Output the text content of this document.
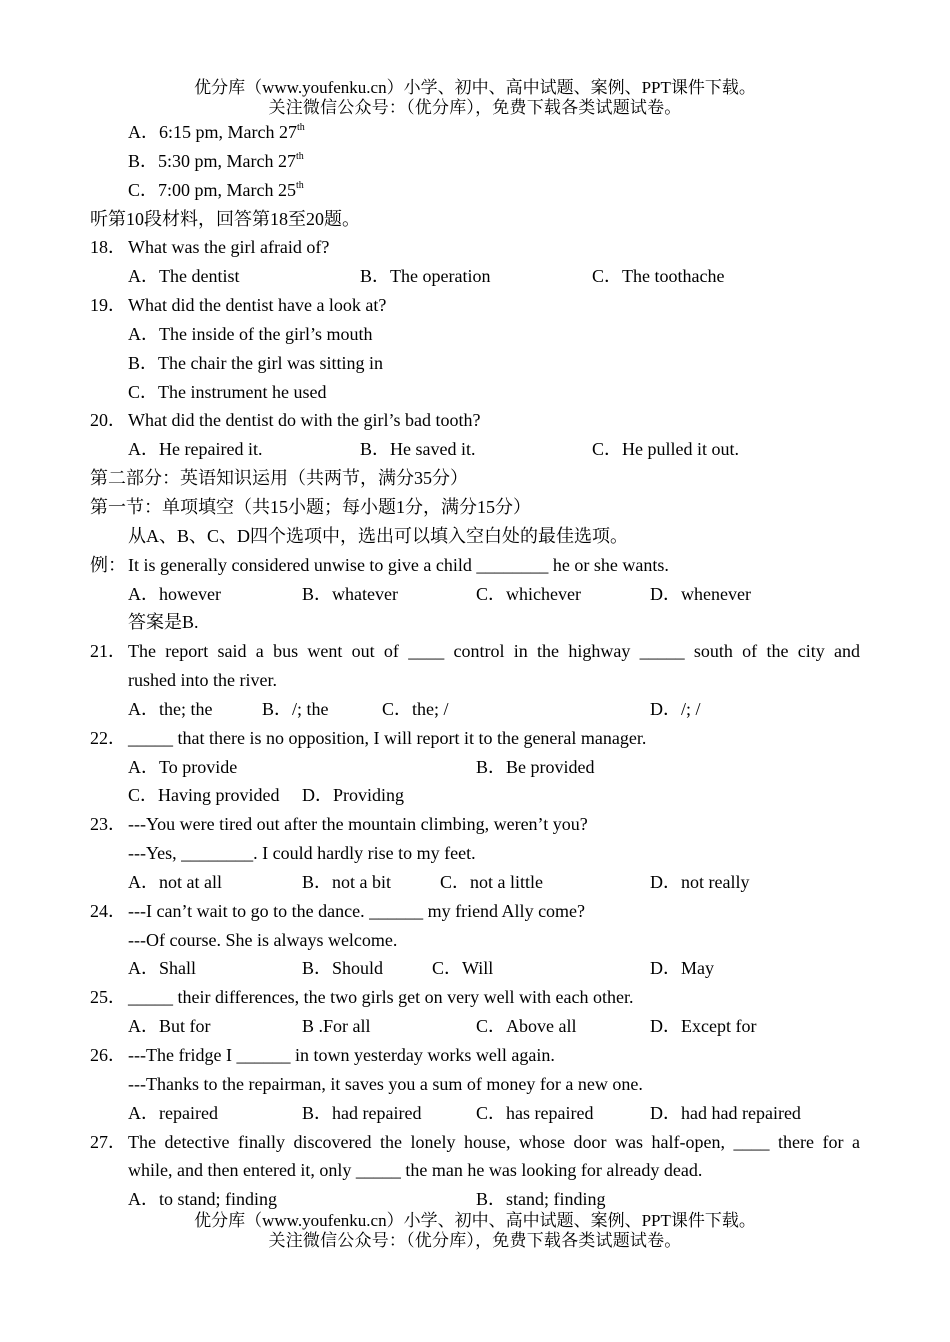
优分库（www.youfenku.cn）小学、初中、高中试题、案例、PPT课件下载。
关注微信公众号：（优分库），免费下载各类试题试卷。
A．6:15 pm, March 27th
B．5:30 pm, March 27th
C．7:00 pm, March 25th
听第10段材料，回答第18至20题。
18． What was the girl afraid of?
A．The dentist	B．The operation	C．The toothache
19． What did the dentist have a look at?
A．The inside of the girl’s mouth
B．The chair the girl was sitting in
C．The instrument he used
20． What did the dentist do with the girl’s bad tooth?
A．He repaired it.	B．He saved it.	C．He pulled it out.
第二部分：英语知识运用（共两节，满分35分）
第一节：单项填空（共15小题；每小题1分，满分15分）
从A、B、C、D四个选项中，选出可以填入空白处的最佳选项。
例： It is generally considered unwise to give a child ________ he or she wants.
A．however	B．whatever	C．whichever	D．whenever
答案是B.
21． The report said a bus went out of ____ control in the highway _____ south of the city and
rushed into the river.
A．the; the	B．/; the	C．the; /	D．/; /
22． _____ that there is no opposition, I will report it to the general manager.
A．To provide	B．Be provided
C．Having provided D．Providing
23． ---You were tired out after the mountain climbing, weren’t you?
---Yes, ________. I could hardly rise to my feet.
A．not at all	B．not a bit	C．not a little	D．not really
24． ---I can’t wait to go to the dance. ______ my friend Ally come?
---Of course. She is always welcome.
A．Shall	B．Should	C．Will	D．May
25． _____ their differences, the two girls get on very well with each other.
A．But for	B .For all	C．Above all	D．Except for
26． ---The fridge I ______ in town yesterday works well again.
---Thanks to the repairman, it saves you a sum of money for a new one.
A．repaired	B．had repaired	C．has repaired	D．had had repaired
27． The detective finally discovered the lonely house, whose door was half-open, ____ there for a
while, and then entered it, only _____ the man he was looking for already dead.
A．to stand; finding	B．stand; finding
优分库（www.youfenku.cn）小学、初中、高中试题、案例、PPT课件下载。
关注微信公众号：（优分库），免费下载各类试题试卷。
